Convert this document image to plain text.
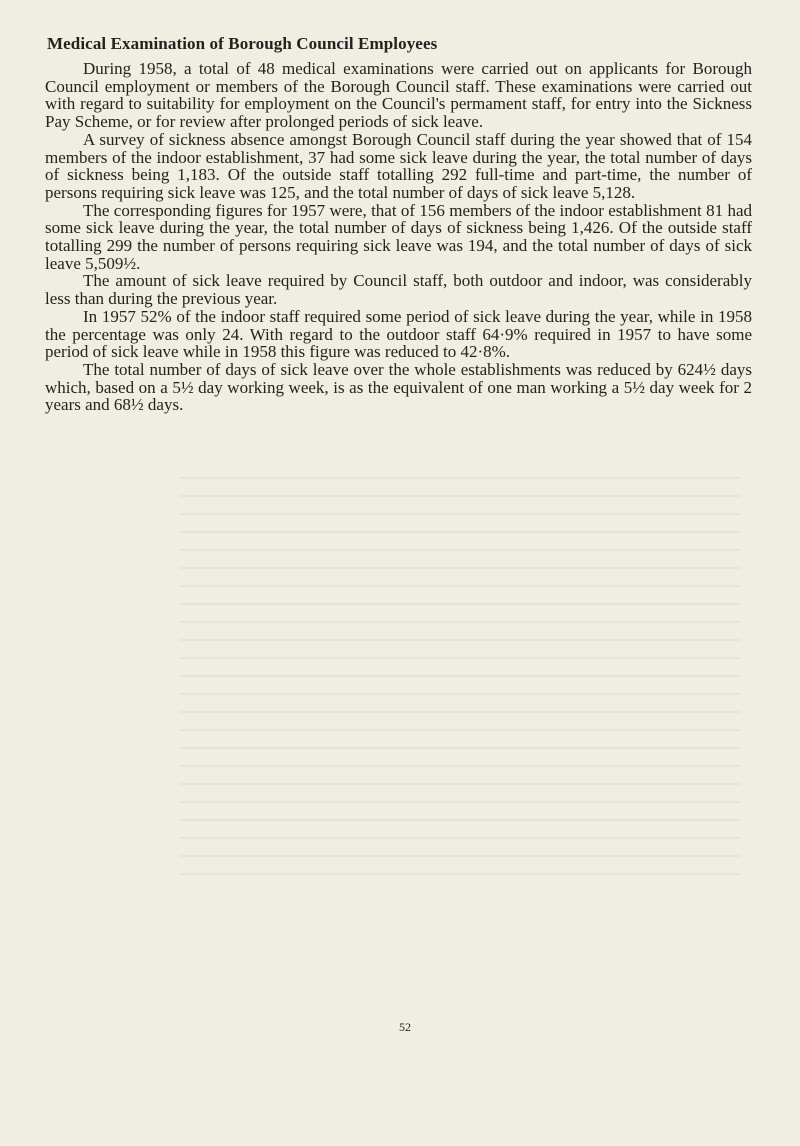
Medical Examination of Borough Council Employees

During 1958, a total of 48 medical examinations were carried out on applicants for Borough Council employment or members of the Borough Council staff. These examinations were carried out with regard to suitability for employment on the Council's permament staff, for entry into the Sickness Pay Scheme, or for review after prolonged periods of sick leave.

A survey of sickness absence amongst Borough Council staff during the year showed that of 154 members of the indoor establishment, 37 had some sick leave during the year, the total number of days of sickness being 1,183. Of the outside staff totalling 292 full-time and part-time, the number of persons requiring sick leave was 125, and the total number of days of sick leave 5,128.

The corresponding figures for 1957 were, that of 156 members of the indoor establishment 81 had some sick leave during the year, the total number of days of sickness being 1,426. Of the outside staff totalling 299 the number of persons requiring sick leave was 194, and the total number of days of sick leave 5,509½.

The amount of sick leave required by Council staff, both outdoor and indoor, was considerably less than during the previous year.

In 1957 52% of the indoor staff required some period of sick leave during the year, while in 1958 the percentage was only 24. With regard to the outdoor staff 64·9% required in 1957 to have some period of sick leave while in 1958 this figure was reduced to 42·8%.

The total number of days of sick leave over the whole establishments was reduced by 624½ days which, based on a 5½ day working week, is as the equivalent of one man working a 5½ day week for 2 years and 68½ days.

52
